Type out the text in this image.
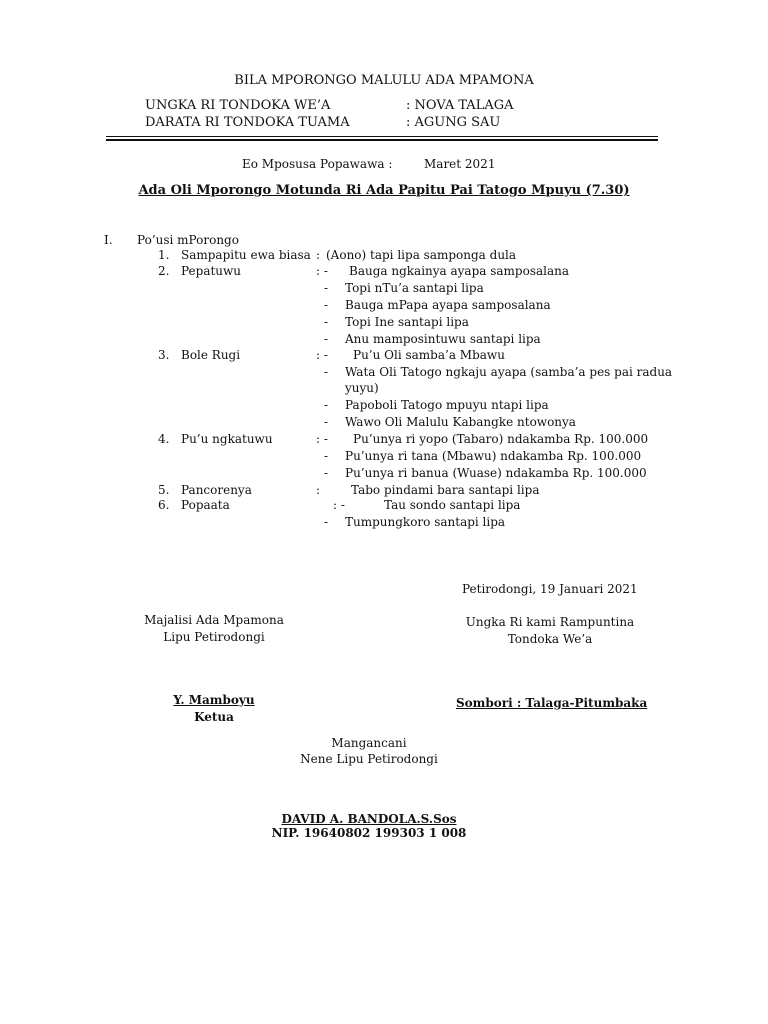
BILA MPORONGO MALULU ADA MPAMONA
UNGKA RI TONDOKA WE’A	: NOVA TALAGA
DARATA RI TONDOKA TUAMA	: AGUNG SAU
Eo Mposusa Popawawa :	Maret 2021
Ada Oli Mporongo Motunda Ri Ada Papitu Pai Tatogo Mpuyu (7.30)
I. Po’usi mPorongo
1. Sampapitu ewa biasa : (Aono) tapi lipa samponga dula
2. Pepatuwu	: - Bauga ngkainya ayapa samposalana
- Topi nTu’a santapi lipa
- Bauga mPapa ayapa samposalana
- Topi Ine santapi lipa
- Anu mamposintuwu santapi lipa
3. Bole Rugi	: - Pu’u Oli samba’a Mbawu
- Wata Oli Tatogo ngkaju ayapa (samba’a pes pai radua
yuyu)
- Papoboli Tatogo mpuyu ntapi lipa
- Wawo Oli Malulu Kabangke ntowonya
4. Pu’u ngkatuwu	: - Pu’unya ri yopo (Tabaro) ndakamba Rp. 100.000
- Pu’unya ri tana (Mbawu) ndakamba Rp. 100.000
- Pu’unya ri banua (Wuase) ndakamba Rp. 100.000
5. Pancorenya	:	Tabo pindami bara santapi lipa
6. Popaata	: -	Tau sondo santapi lipa
- Tumpungkoro santapi lipa
Petirodongi, 19 Januari 2021
Majalisi Ada Mpamona
Lipu Petirodongi
Ungka Ri kami Rampuntina
Tondoka We’a
Y. Mamboyu
Ketua
Sombori : Talaga-Pitumbaka
Mangancani
Nene Lipu Petirodongi
DAVID A. BANDOLA.S.Sos
NIP. 19640802 199303 1 008
